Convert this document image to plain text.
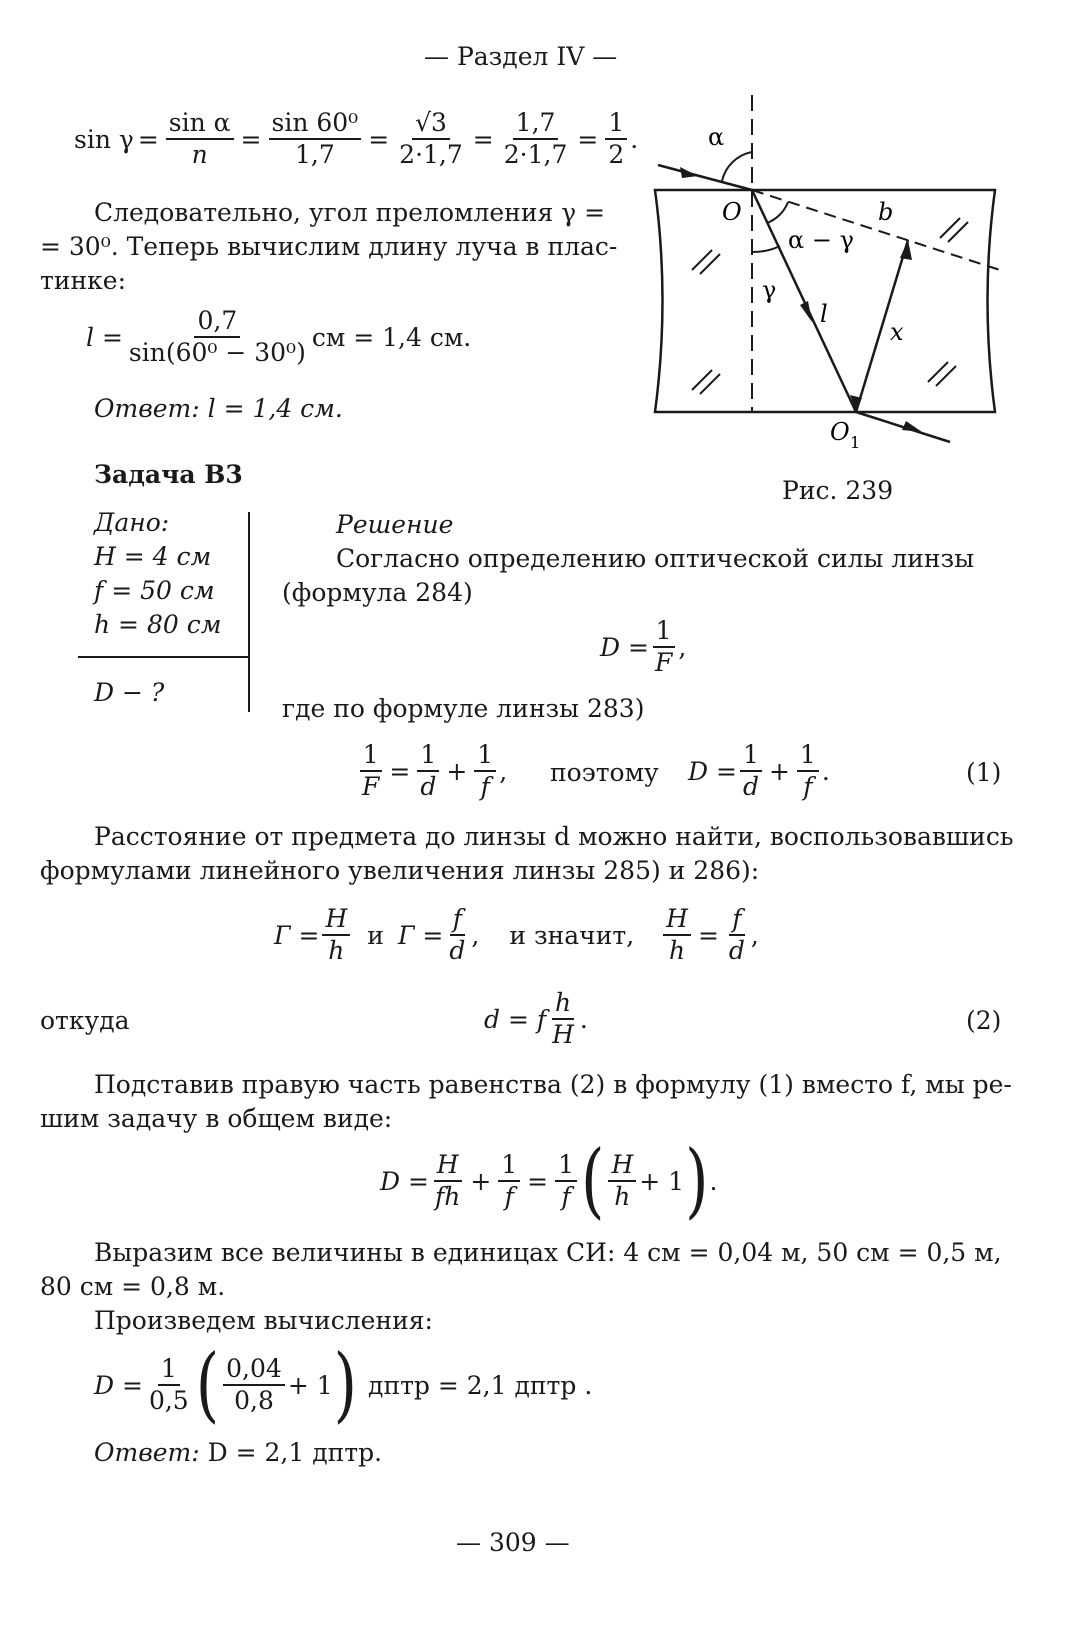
— Раздел IV —
$\sin \gamma = \frac{\text{sin α}}{n} = \frac{\text{sin 60⁰}}{1,7} = \frac{√3}{2\cdot 1,7} = \frac{1,7}{2\cdot 1,7} = \frac{1}{2}$ .
Следовательно, угол преломления γ =
= 30⁰. Теперь вычислим длину луча в плас-
тинке:
$l = \frac{0,7}{\text{sin(60⁰ − 30⁰)}}$ см = 1,4 см.
Ответ: l = 1,4 см.
α
O	b
α − γ
γ
l
x
O 1
Рис. 239
Задача В3
Дано:
H = 4 см
f = 50 см
h = 80 см
D − ?
Решение
Согласно определению оптической силы линзы
(формула 284)
$D = \frac{1}{F}$ ,
где по формуле линзы 283)
$\frac{1}{F} = \frac{1}{d} + \frac{1}{f}$ , поэтому $D = \frac{1}{d} + \frac{1}{f}$ .	(1)
Расстояние от предмета до линзы d можно найти, воспользовавшись
формулами линейного увеличения линзы 285) и 286):
$Г = \frac{H}{h}$ и $Г = \frac{f}{d}$ , и значит, $\frac{H}{h} = \frac{f}{d}$ ,
откуда	d = f $\frac{h}{H}$ .	(2)
Подставив правую часть равенства (2) в формулу (1) вместо f, мы ре-
шим задачу в общем виде:
$D = \frac{H}{fh} + \frac{1}{f} = \frac{1}{f}$ ( $\frac{H}{h} + 1$ ) .
Выразим все величины в единицах СИ: 4 см = 0,04 м, 50 см = 0,5 м,
80 см = 0,8 м.
Произведем вычисления:
$D = \frac{1}{0,5}$ ( $\frac{0,04}{0,8} + 1$ ) дптр = 2,1 дптр .
Ответ: D = 2,1 дптр.
— 309 —
